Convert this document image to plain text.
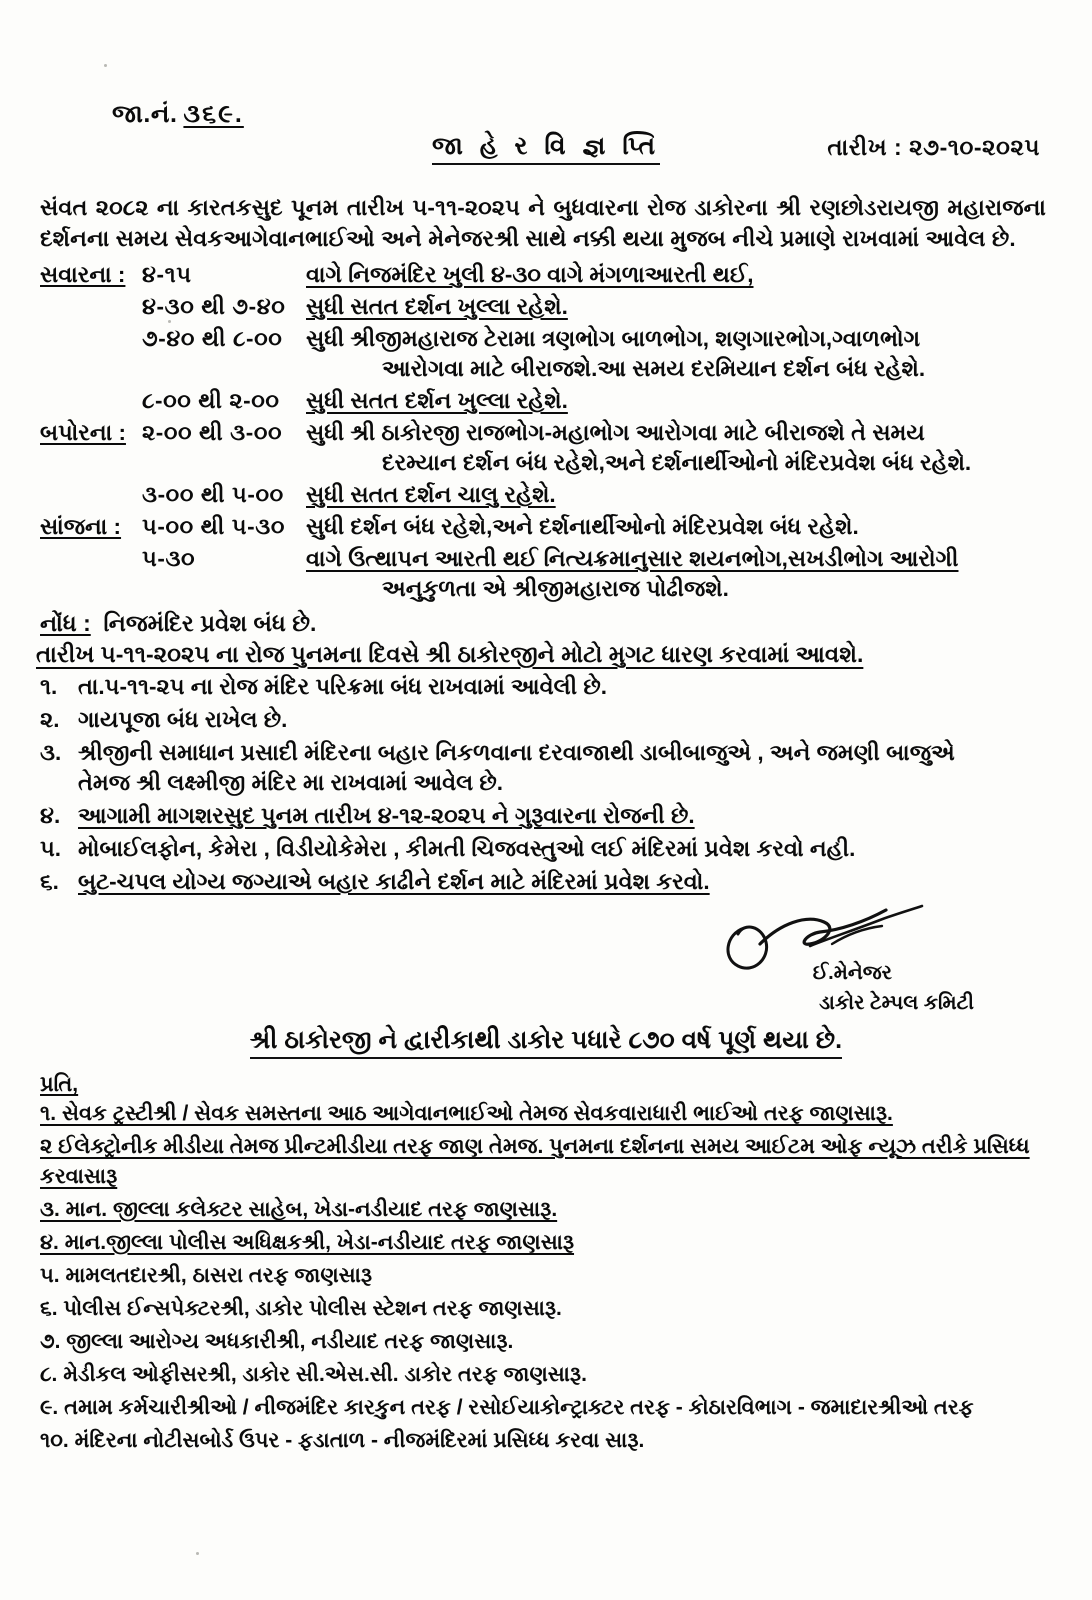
જા.નં. ૩૬૯.
જા હે ર વિ જ્ઞ પ્તિ	તારીખ : ૨૭-૧૦-૨૦૨૫
સંવત ૨૦૮૨ ના કારતકસુદ પૂનમ તારીખ ૫-૧૧-૨૦૨૫ ને બુધવારના રોજ ડાકોરના શ્રી રણછોડરાયજી મહારાજના દર્શનના સમય સેવકઆગેવાનભાઈઓ અને મેનેજરશ્રી સાથે નક્કી થયા મુજબ નીચે પ્રમાણે રાખવામાં આવેલ છે.
સવારના : ૪-૧૫	વાગે નિજમંદિર ખુલી ૪-૩૦ વાગે મંગળાઆરતી થઈ,
૪-૩૦ થી ૭-૪૦ સુધી સતત દર્શન ખુલ્લા રહેશે.
૭-૪૦ થી ૮-૦૦	સુધી શ્રીજીમહારાજ ટેરામા ત્રણભોગ બાળભોગ, શણગારભોગ,ગ્વાળભોગ
આરોગવા માટે બીરાજશે.આ સમય દરમિયાન દર્શન બંધ રહેશે.
૮-૦૦ થી ૨-૦૦	સુધી સતત દર્શન ખુલ્લા રહેશે.
બપોરના : ૨-૦૦ થી ૩-૦૦	સુધી શ્રી ઠાકોરજી રાજભોગ-મહાભોગ આરોગવા માટે બીરાજશે તે સમય
દરમ્યાન દર્શન બંધ રહેશે,અને દર્શનાર્થીઓનો મંદિરપ્રવેશ બંધ રહેશે.
૩-૦૦ થી ૫-૦૦ સુધી સતત દર્શન ચાલુ રહેશે.
સાંજના : ૫-૦૦ થી ૫-૩૦ સુધી દર્શન બંધ રહેશે,અને દર્શનાર્થીઓનો મંદિરપ્રવેશ બંધ રહેશે.
૫-૩૦	વાગે ઉત્થાપન આરતી થઈ નિત્યક્રમાનુસાર શયનભોગ,સખડીભોગ આરોગી
અનુકુળતા એ શ્રીજીમહારાજ પોઢીજશે.
નોંધ : નિજમંદિર પ્રવેશ બંધ છે.
તારીખ ૫-૧૧-૨૦૨૫ ના રોજ પુનમના દિવસે શ્રી ઠાકોરજીને મોટો મુગટ ધારણ કરવામાં આવશે.
૧. તા.૫-૧૧-૨૫ ના રોજ મંદિર પરિક્રમા બંધ રાખવામાં આવેલી છે.
૨. ગાયપૂજા બંધ રાખેલ છે.
૩. શ્રીજીની સમાધાન પ્રસાદી મંદિરના બહાર નિકળવાના દરવાજાથી ડાબીબાજુએ , અને જમણી બાજુએ
તેમજ શ્રી લક્ષ્મીજી મંદિર મા રાખવામાં આવેલ છે.
૪. આગામી માગશરસુદ પુનમ તારીખ ૪-૧૨-૨૦૨૫ ને ગુરૂવારના રોજની છે.
૫. મોબાઈલફોન, કેમેરા , વિડીયોકેમેરા , કીમતી ચિજવસ્તુઓ લઈ મંદિરમાં પ્રવેશ કરવો નહી.
૬. બુટ-ચપલ યોગ્ય જગ્યાએ બહાર કાઢીને દર્શન માટે મંદિરમાં પ્રવેશ કરવો.
ઈ.મેનેજર
ડાકોર ટેમ્પલ કમિટી
શ્રી ઠાકોરજી ને દ્વારીકાથી ડાકોર પધારે ૮૭૦ વર્ષ પૂર્ણ થયા છે.
પ્રતિ,
૧. સેવક ટ્રસ્ટીશ્રી / સેવક સમસ્તના આઠ આગેવાનભાઈઓ તેમજ સેવકવારાધારી ભાઈઓ તરફ જાણસારૂ.
૨ ઈલેક્ટ્રોનીક મીડીયા તેમજ પ્રીન્ટમીડીયા તરફ જાણ તેમજ. પુનમના દર્શનના સમય આઈટમ ઓફ ન્યૂઝ તરીકે પ્રસિધ્ધ કરવાસારૂ
૩. માન. જીલ્લા કલેક્ટર સાહેબ, ખેડા-નડીયાદ તરફ જાણસારૂ.
૪. માન.જીલ્લા પોલીસ અધિક્ષકશ્રી, ખેડા-નડીયાદ તરફ જાણસારૂ
૫. મામલતદારશ્રી, ઠાસરા તરફ જાણસારૂ
૬. પોલીસ ઈન્સપેક્ટરશ્રી, ડાકોર પોલીસ સ્ટેશન તરફ જાણસારૂ.
૭. જીલ્લા આરોગ્ય અધકારીશ્રી, નડીયાદ તરફ જાણસારૂ.
૮. મેડીકલ ઓફીસરશ્રી, ડાકોર સી.એસ.સી. ડાકોર તરફ જાણસારૂ.
૯. તમામ કર્મચારીશ્રીઓ / નીજમંદિર કારકુન તરફ / રસોઈયાકોન્ટ્રાક્ટર તરફ - કોઠારવિભાગ - જમાદારશ્રીઓ તરફ
૧૦. મંદિરના નોટીસબોર્ડ ઉપર - ફડાતાળ - નીજમંદિરમાં પ્રસિધ્ધ કરવા સારૂ.
